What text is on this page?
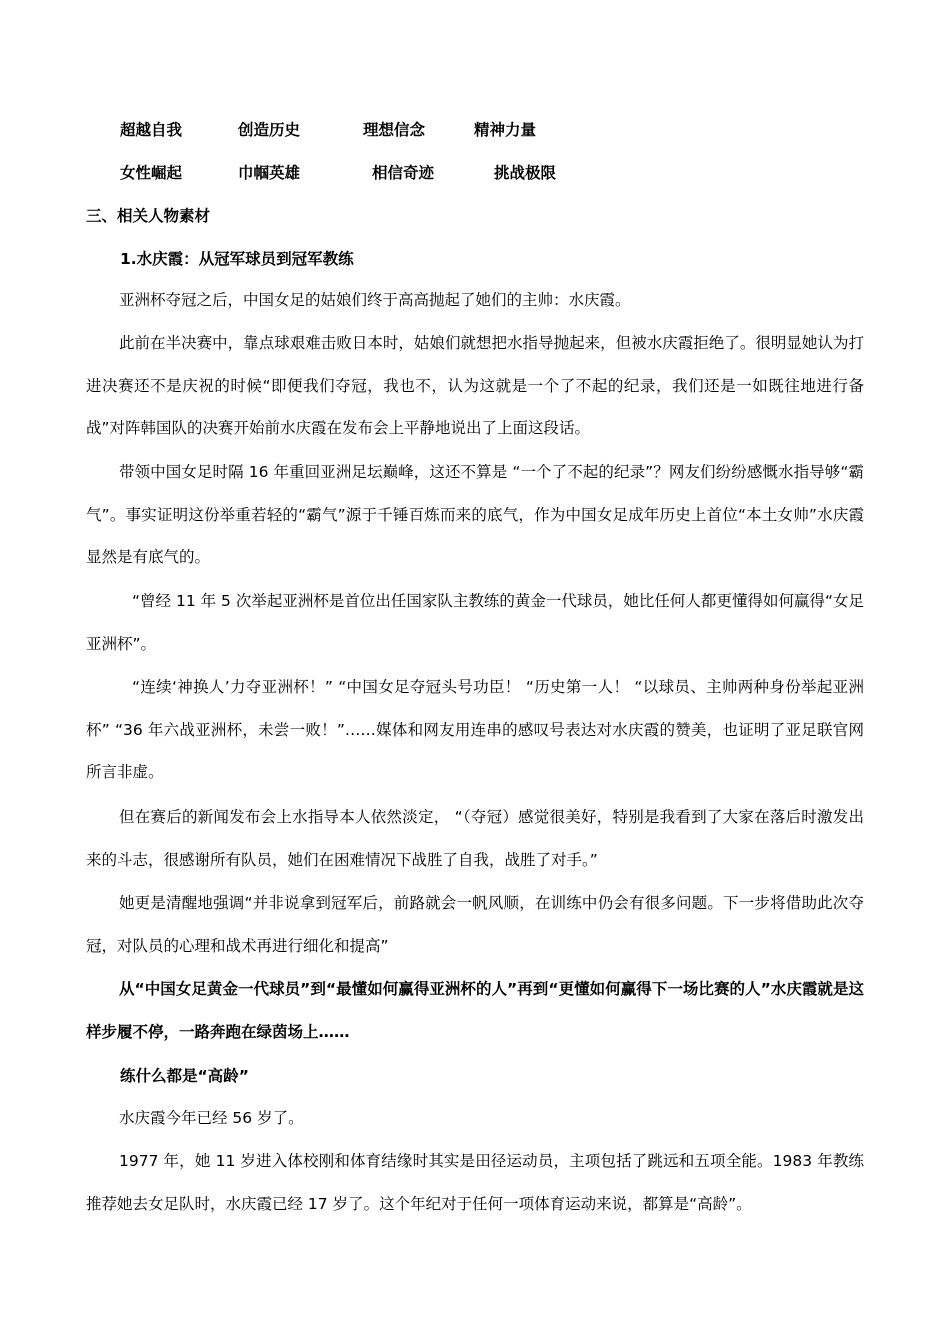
超越自我	创造历史	理想信念	精神力量
女性崛起	巾帼英雄	相信奇迹	挑战极限
三、相关人物素材
1.水庆霞：从冠军球员到冠军教练
亚洲杯夺冠之后，中国女足的姑娘们终于高高抛起了她们的主帅：水庆霞。
此前在半决赛中，靠点球艰难击败日本时，姑娘们就想把水指导抛起来，但被水庆霞拒绝了。很明显她认为打进决赛还不是庆祝的时候“即便我们夺冠，我也不，认为这就是一个了不起的纪录，我们还是一如既往地进行备战”对阵韩国队的决赛开始前水庆霞在发布会上平静地说出了上面这段话。
带领中国女足时隔 16 年重回亚洲足坛巅峰，这还不算是 “一个了不起的纪录”？网友们纷纷感慨水指导够“霸气”。事实证明这份举重若轻的“霸气”源于千锤百炼而来的底气，作为中国女足成年历史上首位“本土女帅”水庆霞显然是有底气的。
“曾经 11 年 5 次举起亚洲杯是首位出任国家队主教练的黄金一代球员，她比任何人都更懂得如何赢得“女足亚洲杯”。
“连续‘神换人’力夺亚洲杯！” “中国女足夺冠头号功臣！ “历史第一人！ “以球员、主帅两种身份举起亚洲杯” “36 年六战亚洲杯，未尝一败！”……媒体和网友用连串的感叹号表达对水庆霞的赞美，也证明了亚足联官网所言非虚。
但在赛后的新闻发布会上水指导本人依然淡定， “（夺冠）感觉很美好，特别是我看到了大家在落后时激发出来的斗志，很感谢所有队员，她们在困难情况下战胜了自我，战胜了对手。”
她更是清醒地强调“并非说拿到冠军后，前路就会一帆风顺，在训练中仍会有很多问题。下一步将借助此次夺冠，对队员的心理和战术再进行细化和提高”
从“中国女足黄金一代球员”到“最懂如何赢得亚洲杯的人”再到“更懂如何赢得下一场比赛的人”水庆霞就是这样步履不停，一路奔跑在绿茵场上……
练什么都是“高龄”
水庆霞今年已经 56 岁了。
1977 年，她 11 岁进入体校刚和体育结缘时其实是田径运动员，主项包括了跳远和五项全能。1983 年教练推荐她去女足队时，水庆霞已经 17 岁了。这个年纪对于任何一项体育运动来说，都算是“高龄”。
